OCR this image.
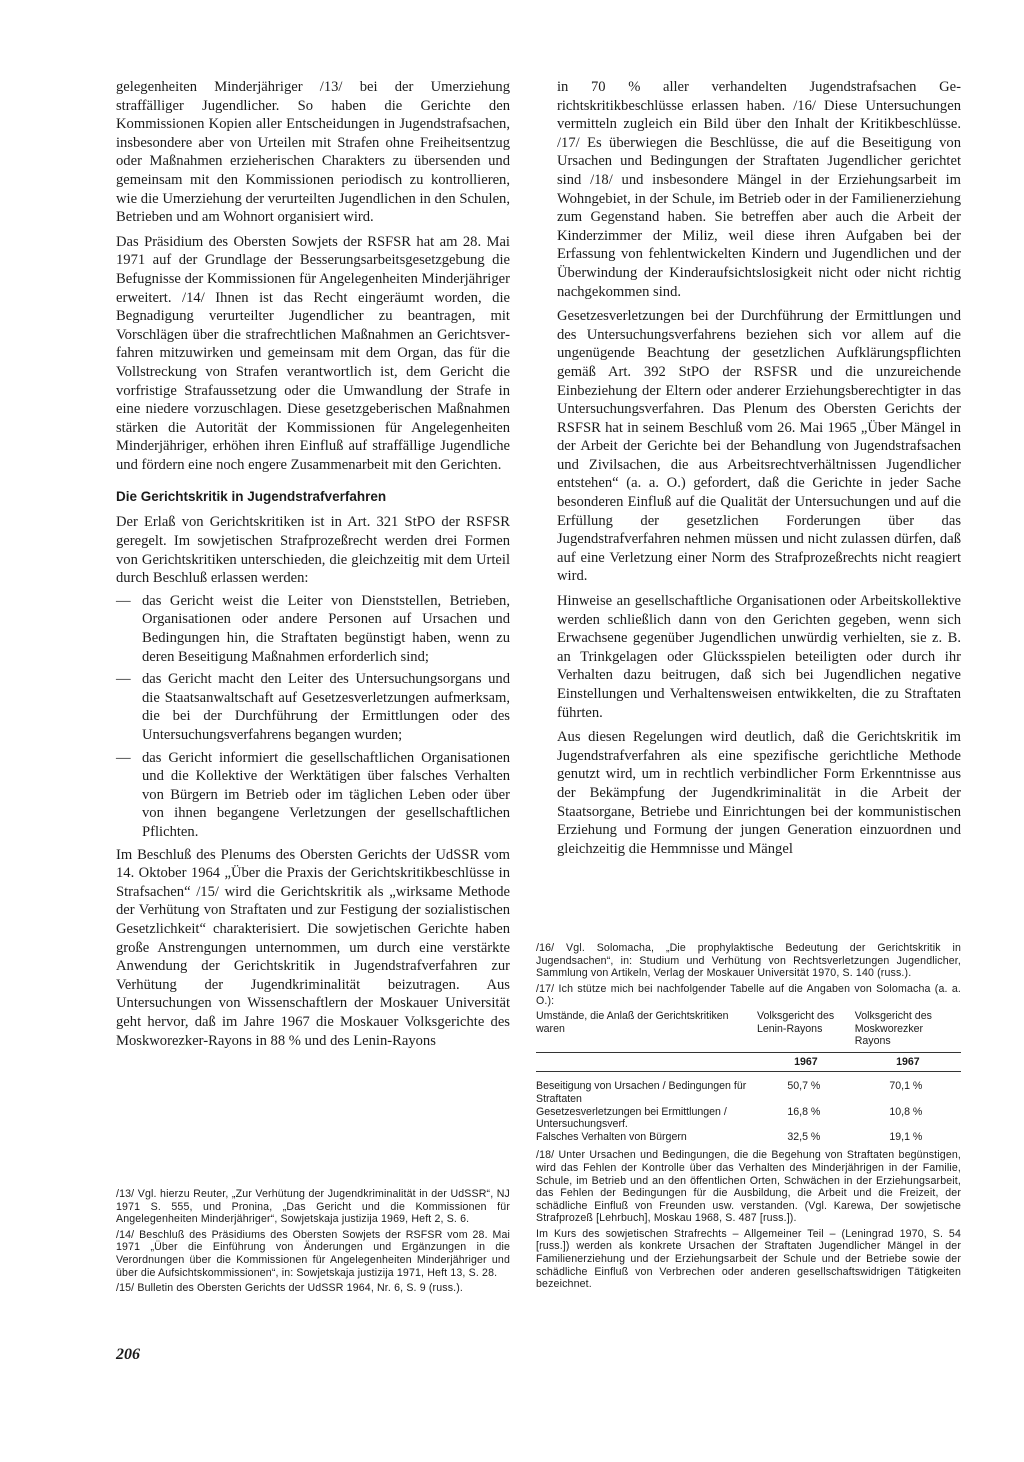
gelegenheiten Minderjähriger /13/ bei der Umerziehung straffälliger Jugendlicher. So haben die Gerichte den Kommissionen Kopien aller Entscheidungen in Jugendstrafsachen, insbesondere aber von Urteilen mit Strafen ohne Freiheitsentzug oder Maßnahmen erzieherischen Charakters zu übersenden und gemeinsam mit den Kommissionen periodisch zu kontrollieren, wie die Umerziehung der verurteilten Jugendlichen in den Schulen, Betrieben und am Wohnort organisiert wird.

Das Präsidium des Obersten Sowjets der RSFSR hat am 28. Mai 1971 auf der Grundlage der Besserungsarbeitsgesetzgebung die Befugnisse der Kommissionen für Angelegenheiten Minderjähriger erweitert. /14/ Ihnen ist das Recht eingeräumt worden, die Begnadigung verurteilter Jugendlicher zu beantragen, mit Vorschlägen über die strafrechtlichen Maßnahmen an Gerichtsverfahren mitzuwirken und gemeinsam mit dem Organ, das für die Vollstreckung von Strafen verantwortlich ist, dem Gericht die vorfristige Strafaussetzung oder die Umwandlung der Strafe in eine niedere vorzuschlagen. Diese gesetzgeberischen Maßnahmen stärken die Autorität der Kommissionen für Angelegenheiten Minderjähriger, erhöhen ihren Einfluß auf straffällige Jugendliche und fördern eine noch engere Zusammenarbeit mit den Gerichten.

Die Gerichtskritik in Jugendstrafverfahren

Der Erlaß von Gerichtskritiken ist in Art. 321 StPO der RSFSR geregelt. Im sowjetischen Strafprozeßrecht werden drei Formen von Gerichtskritiken unterschieden, die gleichzeitig mit dem Urteil durch Beschluß erlassen werden:

— das Gericht weist die Leiter von Dienststellen, Betrieben, Organisationen oder andere Personen auf Ursachen und Bedingungen hin, die Straftaten begünstigt haben, wenn zu deren Beseitigung Maßnahmen erforderlich sind;
— das Gericht macht den Leiter des Untersuchungsorgans und die Staatsanwaltschaft auf Gesetzesverletzungen aufmerksam, die bei der Durchführung der Ermittlungen oder des Untersuchungsverfahrens begangen wurden;
— das Gericht informiert die gesellschaftlichen Organisationen und die Kollektive der Werktätigen über falsches Verhalten von Bürgern im Betrieb oder im täglichen Leben oder über von ihnen begangene Verletzungen der gesellschaftlichen Pflichten.

Im Beschluß des Plenums des Obersten Gerichts der UdSSR vom 14. Oktober 1964 „Über die Praxis der Gerichtskritikbeschlüsse in Strafsachen“ /15/ wird die Gerichtskritik als „wirksame Methode der Verhütung von Straftaten und zur Festigung der sozialistischen Gesetzlichkeit“ charakterisiert. Die sowjetischen Gerichte haben große Anstrengungen unternommen, um durch eine verstärkte Anwendung der Gerichtskritik in Jugendstrafverfahren zur Verhütung der Jugendkriminalität beizutragen. Aus Untersuchungen von Wissenschaftlern der Moskauer Universität geht hervor, daß im Jahre 1967 die Moskauer Volksgerichte des Moskworezker-Rayons in 88 % und des Lenin-Rayons

in 70 % aller verhandelten Jugendstrafsachen Gerichtskritikbeschlüsse erlassen haben. /16/ Diese Untersuchungen vermitteln zugleich ein Bild über den Inhalt der Kritikbeschlüsse. /17/ Es überwiegen die Beschlüsse, die auf die Beseitigung von Ursachen und Bedingungen der Straftaten Jugendlicher gerichtet sind /18/ und insbesondere Mängel in der Erziehungsarbeit im Wohngebiet, in der Schule, im Betrieb oder in der Familienerziehung zum Gegenstand haben. Sie betreffen aber auch die Arbeit der Kinderzimmer der Miliz, weil diese ihren Aufgaben bei der Erfassung von fehlentwickelten Kindern und Jugendlichen und der Überwindung der Kinderaufsichtslosigkeit nicht oder nicht richtig nachgekommen sind.

Gesetzesverletzungen bei der Durchführung der Ermittlungen und des Untersuchungsverfahrens beziehen sich vor allem auf die ungenügende Beachtung der gesetzlichen Aufklärungspflichten gemäß Art. 392 StPO der RSFSR und die unzureichende Einbeziehung der Eltern oder anderer Erziehungsberechtigter in das Untersuchungsverfahren. Das Plenum des Obersten Gerichts der RSFSR hat in seinem Beschluß vom 26. Mai 1965 „Über Mängel in der Arbeit der Gerichte bei der Behandlung von Jugendstrafsachen und Zivilsachen, die aus Arbeitsrechtverhältnissen Jugendlicher entstehen“ (a. a. O.) gefordert, daß die Gerichte in jeder Sache besonderen Einfluß auf die Qualität der Untersuchungen und auf die Erfüllung der gesetzlichen Forderungen über das Jugendstrafverfahren nehmen müssen und nicht zulassen dürfen, daß auf eine Verletzung einer Norm des Strafprozeßrechts nicht reagiert wird.

Hinweise an gesellschaftliche Organisationen oder Arbeitskollektive werden schließlich dann von den Gerichten gegeben, wenn sich Erwachsene gegenüber Jugendlichen unwürdig verhielten, sie z. B. an Trinkgelagen oder Glücksspielen beteiligten oder durch ihr Verhalten dazu beitrugen, daß sich bei Jugendlichen negative Einstellungen und Verhaltensweisen entwikkelten, die zu Straftaten führten.

Aus diesen Regelungen wird deutlich, daß die Gerichtskritik im Jugendstrafverfahren als eine spezifische gerichtliche Methode genutzt wird, um in rechtlich verbindlicher Form Erkenntnisse aus der Bekämpfung der Jugendkriminalität in die Arbeit der Staatsorgane, Betriebe und Einrichtungen bei der kommunistischen Erziehung und Formung der jungen Generation einzuordnen und gleichzeitig die Hemmnisse und Mängel

/13/ Vgl. hierzu Reuter, „Zur Verhütung der Jugendkriminalität in der UdSSR“, NJ 1971 S. 555, und Pronina, „Das Gericht und die Kommissionen für Angelegenheiten Minderjähriger“, Sowjetskaja justizija 1969, Heft 2, S. 6.

/14/ Beschluß des Präsidiums des Obersten Sowjets der RSFSR vom 28. Mai 1971 „Über die Einführung von Änderungen und Ergänzungen in die Verordnungen über die Kommissionen für Angelegenheiten Minderjähriger und über die Aufsichtskommissionen“, in: Sowjetskaja justizija 1971, Heft 13, S. 28.

/15/ Bulletin des Obersten Gerichts der UdSSR 1964, Nr. 6, S. 9 (russ.).

/16/ Vgl. Solomacha, „Die prophylaktische Bedeutung der Gerichtskritik in Jugendsachen“, in: Studium und Verhütung von Rechtsverletzungen Jugendlicher, Sammlung von Artikeln, Verlag der Moskauer Universität 1970, S. 140 (russ.).

/17/ Ich stütze mich bei nachfolgender Tabelle auf die Angaben von Solomacha (a. a. O.):

Umstände, die Anlaß der Gerichtskritiken waren	Volksgericht des Lenin-Rayons	Volksgericht des Moskworezker Rayons
	1967	1967

Beseitigung von Ursachen / Bedingungen für Straftaten	50,7 %	70,1 %
Gesetzesverletzungen bei Ermittlungen / Untersuchungsverf.	16,8 %	10,8 %
Falsches Verhalten von Bürgern	32,5 %	19,1 %

/18/ Unter Ursachen und Bedingungen, die die Begehung von Straftaten begünstigen, wird das Fehlen der Kontrolle über das Verhalten des Minderjährigen in der Familie, Schule, im Betrieb und an den öffentlichen Orten, Schwächen in der Erziehungsarbeit, das Fehlen der Bedingungen für die Ausbildung, die Arbeit und die Freizeit, der schädliche Einfluß von Freunden usw. verstanden. (Vgl. Karewa, Der sowjetische Strafprozeß [Lehrbuch], Moskau 1968, S. 487 [russ.]).

Im Kurs des sowjetischen Strafrechts – Allgemeiner Teil – (Leningrad 1970, S. 54 [russ.]) werden als konkrete Ursachen der Straftaten Jugendlicher Mängel in der Familienerziehung und der Erziehungsarbeit der Schule und der Betriebe sowie der schädliche Einfluß von Verbrechen oder anderen gesellschaftswidrigen Tätigkeiten bezeichnet.

206
